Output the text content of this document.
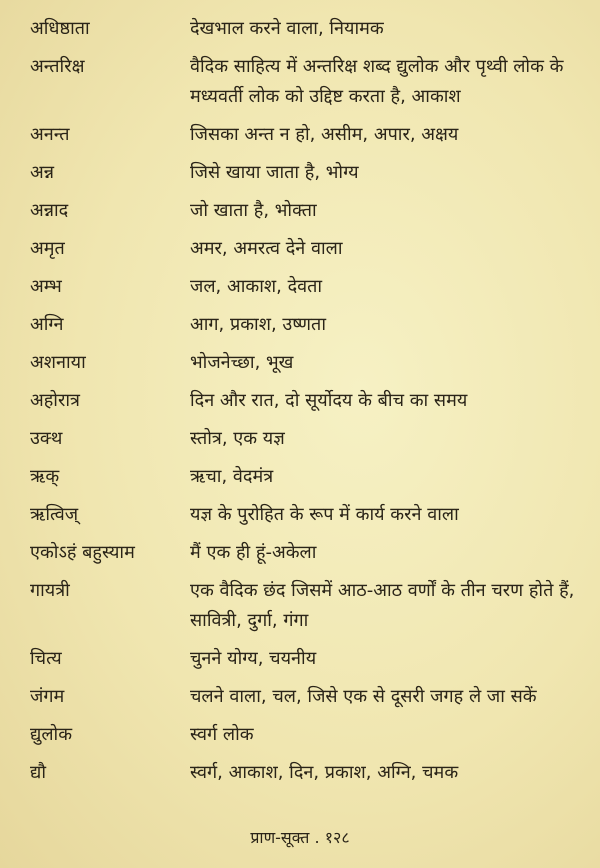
अधिष्ठाता	देखभाल करने वाला, नियामक
अन्तरिक्ष	वैदिक साहित्य में अन्तरिक्ष शब्द द्युलोक और पृथ्वी लोक के मध्यवर्ती लोक को उद्दिष्ट करता है, आकाश
अनन्त	जिसका अन्त न हो, असीम, अपार, अक्षय
अन्न	जिसे खाया जाता है, भोग्य
अन्नाद	जो खाता है, भोक्ता
अमृत	अमर, अमरत्व देने वाला
अम्भ	जल, आकाश, देवता
अग्नि	आग, प्रकाश, उष्णता
अशनाया	भोजनेच्छा, भूख
अहोरात्र	दिन और रात, दो सूर्योदय के बीच का समय
उक्थ	स्तोत्र, एक यज्ञ
ऋक्	ऋचा, वेदमंत्र
ऋत्विज्	यज्ञ के पुरोहित के रूप में कार्य करने वाला
एकोऽहं बहुस्याम	मैं एक ही हूं-अकेला
गायत्री	एक वैदिक छंद जिसमें आठ-आठ वर्णों के तीन चरण होते हैं, सावित्री, दुर्गा, गंगा
चित्य	चुनने योग्य, चयनीय
जंगम	चलने वाला, चल, जिसे एक से दूसरी जगह ले जा सकें
द्युलोक	स्वर्ग लोक
द्यौ	स्वर्ग, आकाश, दिन, प्रकाश, अग्नि, चमक
प्राण-सूक्त . १२८
